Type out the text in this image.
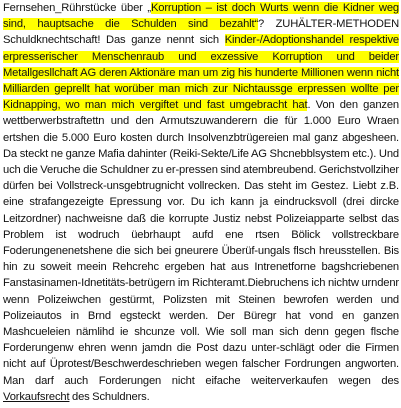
Fernsehen_Rührstücke über „Korruption – ist doch Wurts wenn die Kidner weg sind, hauptsache die Schulden sind bezahlt“? ZUHÄLTER-METHODEN Schuldknechtschaft! Das ganze nennt sich Kinder-/Adoptionshandel respektive erpresserischer Menschenraub und exzessive Korruption und beider Metallgesllchaft AG deren Aktionäre man um zig his hunderte Millionen wenn nicht Milliarden geprellt hat worüber man mich zur Nichtaussge erpressen wollte per Kidnapping, wo man mich vergiftet und fast umgebracht hat. Von den ganzen wettberwerbstraftettn und den Armutszuwanderern die für 1.000 Euro Wraen ertshen die 5.000 Euro kosten durch Insolvenzbtrügereien mal ganz abgesheen. Da steckt ne ganze Mafia dahinter (Reiki-Sekte/Life AG Shcnebblsystem etc.). Und uch die Veruche die Schuldner zu er-pressen sind atembreubend. Gerichstvollziher dürfen bei Vollstreck-unsgebtrugnicht vollrecken. Das steht im Gestez. Liebt z.B. eine strafangezeigte Epressung vor. Du ich kann ja eindrucksvoll (drei dircke Leitzordner) nachweisne daß die korrupte Justiz nebst Polizeiapparte selbst das Problem ist wodruch üebrhaupt aufd ene rtsen Bölick vollstreckbare Foderungenenetshene die sich bei gneurere Überüf-ungals flsch hreusstellen. Bis hin zu soweit meein Rehcrehc ergeben hat aus Intrenetforne bagshcriebenen Fanstasinamen-Idnetitäts-betrügern im Richteramt.Diebruchens ich nichtw urndenr wenn Polizeiwchen gestürmt, Polizsten mit Steinen bewrofen werden und Polizeiautos in Brnd egsteckt werden. Der Büregr hat vond en ganzen Mashcueleien nämlihd ie shcunze voll. Wie soll man sich denn gegen flsche Forderungenw ehren wenn jamdn die Post dazu unter-schlägt oder die Firmen nicht auf Üprotest/Beschwerdeschrieben wegen falscher Fordrungen angworten. Man darf auch Forderungen nicht eifache weiterverkaufen wegen des Vorkaufsrecht des Schuldners.
